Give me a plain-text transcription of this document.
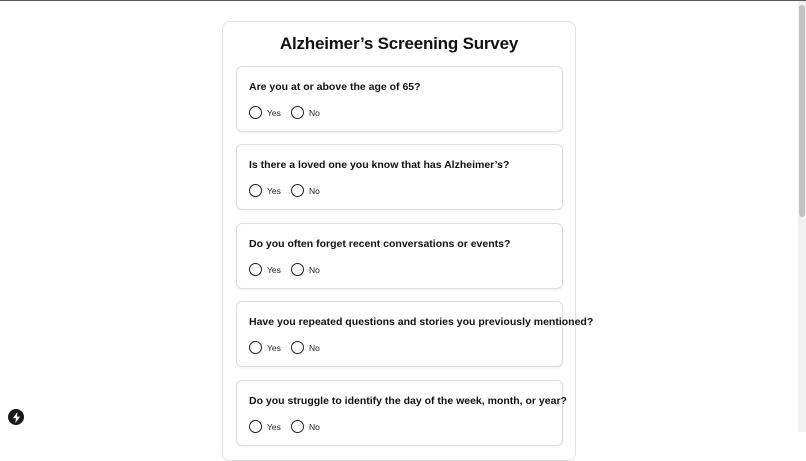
Alzheimer’s Screening Survey
Are you at or above the age of 65?
Yes	No
Is there a loved one you know that has Alzheimer’s?
Yes	No
Do you often forget recent conversations or events?
Yes	No
Have you repeated questions and stories you previously mentioned?
Yes	No
Do you struggle to identify the day of the week, month, or year?
Yes	No
